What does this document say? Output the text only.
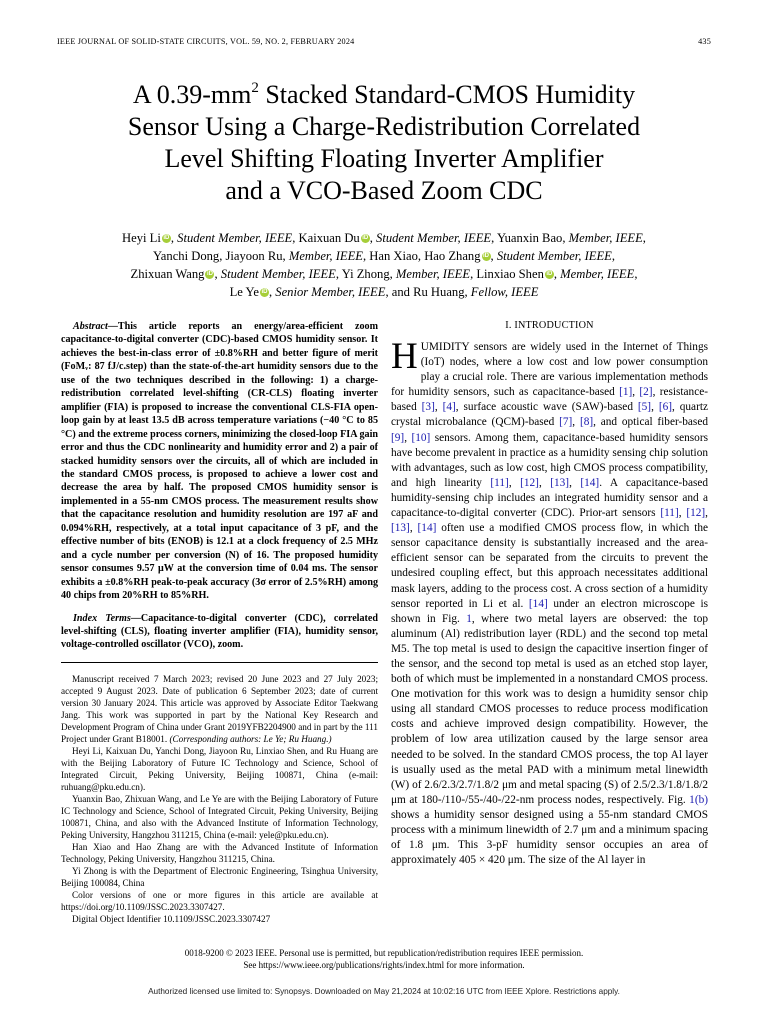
IEEE JOURNAL OF SOLID-STATE CIRCUITS, VOL. 59, NO. 2, FEBRUARY 2024	435
A $0.39-mm^2$ Stacked Standard-CMOS Humidity
Sensor Using a Charge-Redistribution Correlated
Level Shifting Floating Inverter Amplifier
and a VCO-Based Zoom CDC
Heyi Li iD , Student Member, IEEE, Kaixuan Du iD , Student Member, IEEE, Yuanxin Bao, Member, IEEE,
Yanchi Dong, Jiayoon Ru, Member, IEEE, Han Xiao, Hao Zhang iD , Student Member, IEEE,
Zhixuan Wang iD , Student Member, IEEE, Yi Zhong, Member, IEEE, Linxiao Shen iD , Member, IEEE,
Le Ye iD , Senior Member, IEEE, and Ru Huang, Fellow, IEEE

Abstract—This article reports an energy/area-efficient zoom capacitance-to-digital converter (CDC)-based CMOS humidity sensor. It achieves the best-in-class error of ±0.8%RH and better figure of merit (FoMᵥ: 87 fJ/c.step) than the state-of-the-art humidity sensors due to the use of the two techniques described in the following: 1) a charge-redistribution correlated level-shifting (CR-CLS) floating inverter amplifier (FIA) is proposed to increase the conventional CLS-FIA open-loop gain by at least 13.5 dB across temperature variations (−40 °C to 85 °C) and the extreme process corners, minimizing the closed-loop FIA gain error and thus the CDC nonlinearity and humidity error and 2) a pair of stacked humidity sensors over the circuits, all of which are included in the standard CMOS process, is proposed to achieve a lower cost and decrease the area by half. The proposed CMOS humidity sensor is implemented in a 55-nm CMOS process. The measurement results show that the capacitance resolution and humidity resolution are 197 aF and 0.094%RH, respectively, at a total input capacitance of 3 pF, and the effective number of bits (ENOB) is 12.1 at a clock frequency of 2.5 MHz and a cycle number per conversion (N) of 16. The proposed humidity sensor consumes 9.57 μW at the conversion time of 0.04 ms. The sensor exhibits a ±0.8%RH peak-to-peak accuracy (3σ error of 2.5%RH) among 40 chips from 20%RH to 85%RH.

Index Terms—Capacitance-to-digital converter (CDC), correlated level-shifting (CLS), floating inverter amplifier (FIA), humidity sensor, voltage-controlled oscillator (VCO), zoom.

Manuscript received 7 March 2023; revised 20 June 2023 and 27 July 2023; accepted 9 August 2023. Date of publication 6 September 2023; date of current version 30 January 2024. This article was approved by Associate Editor Taekwang Jang. This work was supported in part by the National Key Research and Development Program of China under Grant 2019YFB2204900 and in part by the 111 Project under Grant B18001. (Corresponding authors: Le Ye; Ru Huang.)

Heyi Li, Kaixuan Du, Yanchi Dong, Jiayoon Ru, Linxiao Shen, and Ru Huang are with the Beijing Laboratory of Future IC Technology and Science, School of Integrated Circuit, Peking University, Beijing 100871, China (e-mail: ruhuang@pku.edu.cn).

Yuanxin Bao, Zhixuan Wang, and Le Ye are with the Beijing Laboratory of Future IC Technology and Science, School of Integrated Circuit, Peking University, Beijing 100871, China, and also with the Advanced Institute of Information Technology, Peking University, Hangzhou 311215, China (e-mail: yele@pku.edu.cn).

Han Xiao and Hao Zhang are with the Advanced Institute of Information Technology, Peking University, Hangzhou 311215, China.

Yi Zhong is with the Department of Electronic Engineering, Tsinghua University, Beijing 100084, China

Color versions of one or more figures in this article are available at https://doi.org/10.1109/JSSC.2023.3307427.

Digital Object Identifier 10.1109/JSSC.2023.3307427

I. INTRODUCTION

HUMIDITY sensors are widely used in the Internet of Things (IoT) nodes, where a low cost and low power consumption play a crucial role. There are various implementation methods for humidity sensors, such as capacitance-based [1], [2], resistance-based [3], [4], surface acoustic wave (SAW)-based [5], [6], quartz crystal microbalance (QCM)-based [7], [8], and optical fiber-based [9], [10] sensors. Among them, capacitance-based humidity sensors have become prevalent in practice as a humidity sensing chip solution with advantages, such as low cost, high CMOS process compatibility, and high linearity [11], [12], [13], [14]. A capacitance-based humidity-sensing chip includes an integrated humidity sensor and a capacitance-to-digital converter (CDC). Prior-art sensors [11], [12], [13], [14] often use a modified CMOS process flow, in which the sensor capacitance density is substantially increased and the area-efficient sensor can be separated from the circuits to prevent the undesired coupling effect, but this approach necessitates additional mask layers, adding to the process cost. A cross section of a humidity sensor reported in Li et al. [14] under an electron microscope is shown in Fig. 1, where two metal layers are observed: the top aluminum (Al) redistribution layer (RDL) and the second top metal M5. The top metal is used to design the capacitive insertion finger of the sensor, and the second top metal is used as an etched stop layer, both of which must be implemented in a nonstandard CMOS process. One motivation for this work was to design a humidity sensor chip using all standard CMOS processes to reduce process modification costs and achieve improved design compatibility. However, the problem of low area utilization caused by the large sensor area needed to be solved. In the standard CMOS process, the top Al layer is usually used as the metal PAD with a minimum metal linewidth (W) of 2.6/2.3/2.7/1.8/2 μm and metal spacing (S) of 2.5/2.3/1.8/1.8/2 μm at 180-/110-/55-/40-/22-nm process nodes, respectively. Fig. 1(b) shows a humidity sensor designed using a 55-nm standard CMOS process with a minimum linewidth of 2.7 μm and a minimum spacing of 1.8 μm. This 3-pF humidity sensor occupies an area of approximately 405 × 420 μm. The size of the Al layer in

0018-9200 © 2023 IEEE. Personal use is permitted, but republication/redistribution requires IEEE permission.
See https://www.ieee.org/publications/rights/index.html for more information.
Authorized licensed use limited to: Synopsys. Downloaded on May 21,2024 at 10:02:16 UTC from IEEE Xplore. Restrictions apply.
